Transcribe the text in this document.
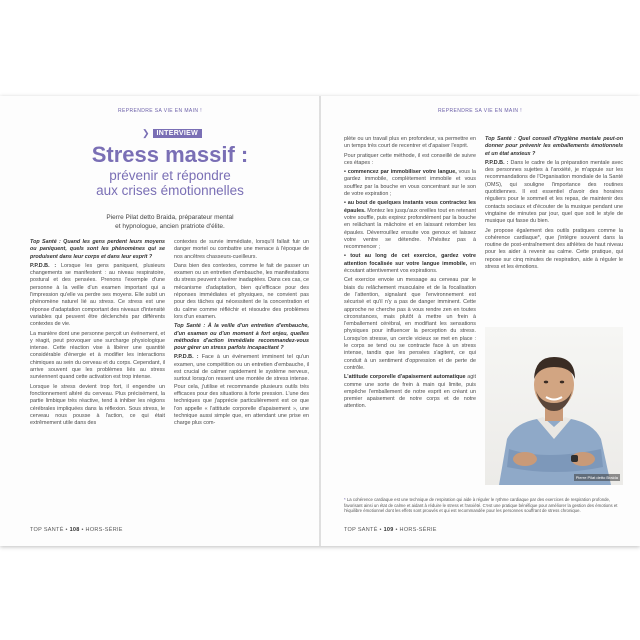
REPRENDRE SA VIE EN MAIN !
❯	INTERVIEW
Stress massif :
prévenir et répondre
aux crises émotionnelles
Pierre Pilat detto Braida, préparateur mental
et hypnologue, ancien pratriote d'élite.

Top Santé : Quand les gens perdent leurs moyens ou paniquent, quels sont les phénomènes qui se produisent dans leur corps et dans leur esprit ?

P.P.D.B. : Lorsque les gens paniquent, plusieurs changements se manifestent : au niveau respiratoire, postural et des pensées. Prenons l'exemple d'une personne à la veille d'un examen important qui a l'impression qu'elle va perdre ses moyens. Elle subit un phénomène naturel lié au stress. Ce stress est une réponse d'adaptation comportant des niveaux d'intensité variables qui peuvent être déclenchés par différents contextes de vie.

La manière dont une personne perçoit un événement, et y réagit, peut provoquer une surcharge physiologique intense. Cette réaction vise à libérer une quantité considérable d'énergie et à modifier les interactions chimiques au sein du cerveau et du corps. Cependant, il arrive souvent que les problèmes liés au stress surviennent quand cette activation est trop intense.

Lorsque le stress devient trop fort, il engendre un fonctionnement altéré du cerveau. Plus précisément, la partie limbique très réactive, tend à inhiber les régions cérébrales impliquées dans la réflexion. Sous stress, le cerveau nous pousse à l'action, ce qui était extrêmement utile dans des

contextes de survie immédiate, lorsqu'il fallait fuir un danger mortel ou combattre une menace à l'époque de nos ancêtres chasseurs-cueilleurs.

Dans bien des contextes, comme le fait de passer un examen ou un entretien d'embauche, les manifestations du stress peuvent s'avérer inadaptées. Dans ces cas, ce mécanisme d'adaptation, bien qu'efficace pour des réponses immédiates et physiques, ne convient pas pour des tâches qui nécessitent de la concentration et du calme comme réfléchir et résoudre des problèmes lors d'un examen.

Top Santé : À la veille d'un entretien d'embauche, d'un examen ou d'un moment à fort enjeu, quelles méthodes d'action immédiate recommandez-vous pour gérer un stress parfois incapacitant ?

P.P.D.B. : Face à un événement imminent tel qu'un examen, une compétition ou un entretien d'embauche, il est crucial de calmer rapidement le système nerveux, surtout lorsqu'on ressent une montée de stress intense. Pour cela, j'utilise et recommande plusieurs outils très efficaces pour des situations à forte pression. L'une des techniques que j'apprécie particulièrement est ce que l'on appelle « l'attitude corporelle d'apaisement », une technique aussi simple que, en attendant une prise en charge plus com-

TOP SANTÉ • 108 • HORS-SÉRIE
REPRENDRE SA VIE EN MAIN !

plète ou un travail plus en profondeur, va permettre en un temps très court de recentrer et d'apaiser l'esprit.

Pour pratiquer cette méthode, il est conseillé de suivre ces étapes :

• commencez par immobiliser votre langue, vous la gardez immobile, complètement immobile et vous soufflez par la bouche en vous concentrant sur le son de votre expiration ;

• au bout de quelques instants vous contractez les épaules. Montez les jusqu'aux oreilles tout en retenant votre souffle, puis expirez profondément par la bouche en relâchant la mâchoire et en laissant retomber les épaules. Déverrouillez ensuite vos genoux et laissez votre ventre se détendre. N'hésitez pas à recommencer ;

• tout au long de cet exercice, gardez votre attention focalisée sur votre langue immobile, en écoutant attentivement vos expirations.

Cet exercice envoie un message au cerveau par le biais du relâchement musculaire et de la focalisation de l'attention, signalant que l'environnement est sécurisé et qu'il n'y a pas de danger imminent. Cette approche ne cherche pas à vous rendre zen en toutes circonstances, mais plutôt à mettre un frein à l'emballement cérébral, en modifiant les sensations physiques pour influencer la perception du stress. Lorsqu'on stresse, un cercle vicieux se met en place : le corps se tend ou se contracte face à un stress intense, tandis que les pensées s'agitent, ce qui conduit à un sentiment d'oppression et de perte de contrôle.

L'attitude corporelle d'apaisement automatique agit comme une sorte de frein à main qui limite, puis empêche l'emballement de notre esprit en créant un premier apaisement de notre corps et de notre attention.

Top Santé : Quel conseil d'hygiène mentale peut-on donner pour prévenir les emballements émotionnels et un état anxieux ?

P.P.D.B. : Dans le cadre de la préparation mentale avec des personnes sujettes à l'anxiété, je m'appuie sur les recommandations de l'Organisation mondiale de la Santé (OMS), qui souligne l'importance des routines quotidiennes. Il est essentiel d'avoir des horaires réguliers pour le sommeil et les repas, de maintenir des contacts sociaux et d'écouter de la musique pendant une vingtaine de minutes par jour, quel que soit le style de musique qui fasse du bien.

Je propose également des outils pratiques comme la cohérence cardiaque*, que j'intègre souvent dans la routine de post-entraînement des athlètes de haut niveau pour les aider à revenir au calme. Cette pratique, qui repose sur cinq minutes de respiration, aide à réguler le stress et les émotions.

Pierre Pilat detto Braida
* La cohérence cardiaque est une technique de respiration qui aide à réguler le rythme cardiaque par des exercices de respiration profonde, favorisant ainsi un état de calme et aidant à réduire le stress et l'anxiété. C'est une pratique bénéfique pour améliorer la gestion des émotions et l'équilibre émotionnel dont les effets sont prouvés et qui est recommandée pour les personnes souffrant de stress chronique.
TOP SANTÉ • 109 • HORS-SÉRIE
